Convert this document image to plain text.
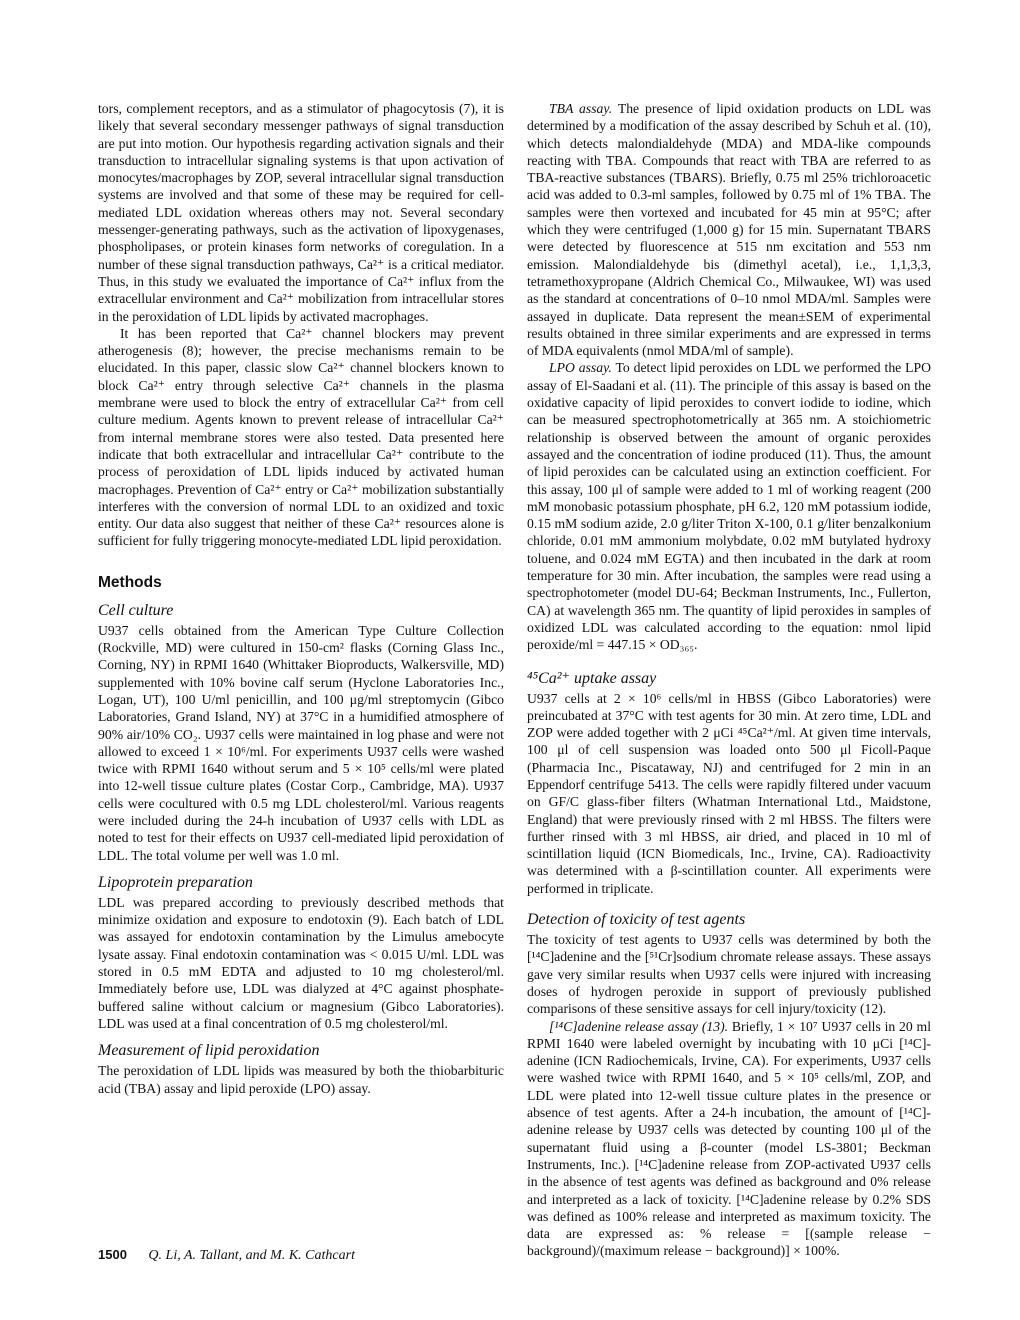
tors, complement receptors, and as a stimulator of phagocytosis (7), it is likely that several secondary messenger pathways of signal transduction are put into motion. Our hypothesis regarding activation signals and their transduction to intracellular signaling systems is that upon activation of monocytes/macrophages by ZOP, several intracellular signal transduction systems are involved and that some of these may be required for cell-mediated LDL oxidation whereas others may not. Several secondary messenger-generating pathways, such as the activation of lipoxygenases, phospholipases, or protein kinases form networks of coregulation. In a number of these signal transduction pathways, Ca²⁺ is a critical mediator. Thus, in this study we evaluated the importance of Ca²⁺ influx from the extracellular environment and Ca²⁺ mobilization from intracellular stores in the peroxidation of LDL lipids by activated macrophages.

It has been reported that Ca²⁺ channel blockers may prevent atherogenesis (8); however, the precise mechanisms remain to be elucidated. In this paper, classic slow Ca²⁺ channel blockers known to block Ca²⁺ entry through selective Ca²⁺ channels in the plasma membrane were used to block the entry of extracellular Ca²⁺ from cell culture medium. Agents known to prevent release of intracellular Ca²⁺ from internal membrane stores were also tested. Data presented here indicate that both extracellular and intracellular Ca²⁺ contribute to the process of peroxidation of LDL lipids induced by activated human macrophages. Prevention of Ca²⁺ entry or Ca²⁺ mobilization substantially interferes with the conversion of normal LDL to an oxidized and toxic entity. Our data also suggest that neither of these Ca²⁺ resources alone is sufficient for fully triggering monocyte-mediated LDL lipid peroxidation.

Methods
Cell culture

U937 cells obtained from the American Type Culture Collection (Rockville, MD) were cultured in 150-cm² flasks (Corning Glass Inc., Corning, NY) in RPMI 1640 (Whittaker Bioproducts, Walkersville, MD) supplemented with 10% bovine calf serum (Hyclone Laboratories Inc., Logan, UT), 100 U/ml penicillin, and 100 μg/ml streptomycin (Gibco Laboratories, Grand Island, NY) at 37°C in a humidified atmosphere of 90% air/10% CO₂. U937 cells were maintained in log phase and were not allowed to exceed 1 × 10⁶/ml. For experiments U937 cells were washed twice with RPMI 1640 without serum and 5 × 10⁵ cells/ml were plated into 12-well tissue culture plates (Costar Corp., Cambridge, MA). U937 cells were cocultured with 0.5 mg LDL cholesterol/ml. Various reagents were included during the 24-h incubation of U937 cells with LDL as noted to test for their effects on U937 cell-mediated lipid peroxidation of LDL. The total volume per well was 1.0 ml.

Lipoprotein preparation

LDL was prepared according to previously described methods that minimize oxidation and exposure to endotoxin (9). Each batch of LDL was assayed for endotoxin contamination by the Limulus amebocyte lysate assay. Final endotoxin contamination was < 0.015 U/ml. LDL was stored in 0.5 mM EDTA and adjusted to 10 mg cholesterol/ml. Immediately before use, LDL was dialyzed at 4°C against phosphate-buffered saline without calcium or magnesium (Gibco Laboratories). LDL was used at a final concentration of 0.5 mg cholesterol/ml.

Measurement of lipid peroxidation

The peroxidation of LDL lipids was measured by both the thiobarbituric acid (TBA) assay and lipid peroxide (LPO) assay.

TBA assay. The presence of lipid oxidation products on LDL was determined by a modification of the assay described by Schuh et al. (10), which detects malondialdehyde (MDA) and MDA-like compounds reacting with TBA. Compounds that react with TBA are referred to as TBA-reactive substances (TBARS). Briefly, 0.75 ml 25% trichloroacetic acid was added to 0.3-ml samples, followed by 0.75 ml of 1% TBA. The samples were then vortexed and incubated for 45 min at 95°C; after which they were centrifuged (1,000 g) for 15 min. Supernatant TBARS were detected by fluorescence at 515 nm excitation and 553 nm emission. Malondialdehyde bis (dimethyl acetal), i.e., 1,1,3,3, tetramethoxypropane (Aldrich Chemical Co., Milwaukee, WI) was used as the standard at concentrations of 0–10 nmol MDA/ml. Samples were assayed in duplicate. Data represent the mean±SEM of experimental results obtained in three similar experiments and are expressed in terms of MDA equivalents (nmol MDA/ml of sample).

LPO assay. To detect lipid peroxides on LDL we performed the LPO assay of El-Saadani et al. (11). The principle of this assay is based on the oxidative capacity of lipid peroxides to convert iodide to iodine, which can be measured spectrophotometrically at 365 nm. A stoichiometric relationship is observed between the amount of organic peroxides assayed and the concentration of iodine produced (11). Thus, the amount of lipid peroxides can be calculated using an extinction coefficient. For this assay, 100 μl of sample were added to 1 ml of working reagent (200 mM monobasic potassium phosphate, pH 6.2, 120 mM potassium iodide, 0.15 mM sodium azide, 2.0 g/liter Triton X-100, 0.1 g/liter benzalkonium chloride, 0.01 mM ammonium molybdate, 0.02 mM butylated hydroxy toluene, and 0.024 mM EGTA) and then incubated in the dark at room temperature for 30 min. After incubation, the samples were read using a spectrophotometer (model DU-64; Beckman Instruments, Inc., Fullerton, CA) at wavelength 365 nm. The quantity of lipid peroxides in samples of oxidized LDL was calculated according to the equation: nmol lipid peroxide/ml = 447.15 × OD₃₆₅.

⁴⁵Ca²⁺ uptake assay

U937 cells at 2 × 10⁶ cells/ml in HBSS (Gibco Laboratories) were preincubated at 37°C with test agents for 30 min. At zero time, LDL and ZOP were added together with 2 μCi ⁴⁵Ca²⁺/ml. At given time intervals, 100 μl of cell suspension was loaded onto 500 μl Ficoll-Paque (Pharmacia Inc., Piscataway, NJ) and centrifuged for 2 min in an Eppendorf centrifuge 5413. The cells were rapidly filtered under vacuum on GF/C glass-fiber filters (Whatman International Ltd., Maidstone, England) that were previously rinsed with 2 ml HBSS. The filters were further rinsed with 3 ml HBSS, air dried, and placed in 10 ml of scintillation liquid (ICN Biomedicals, Inc., Irvine, CA). Radioactivity was determined with a β-scintillation counter. All experiments were performed in triplicate.

Detection of toxicity of test agents

The toxicity of test agents to U937 cells was determined by both the [¹⁴C]adenine and the [⁵¹Cr]sodium chromate release assays. These assays gave very similar results when U937 cells were injured with increasing doses of hydrogen peroxide in support of previously published comparisons of these sensitive assays for cell injury/toxicity (12).

[¹⁴C]adenine release assay (13). Briefly, 1 × 10⁷ U937 cells in 20 ml RPMI 1640 were labeled overnight by incubating with 10 μCi [¹⁴C]-adenine (ICN Radiochemicals, Irvine, CA). For experiments, U937 cells were washed twice with RPMI 1640, and 5 × 10⁵ cells/ml, ZOP, and LDL were plated into 12-well tissue culture plates in the presence or absence of test agents. After a 24-h incubation, the amount of [¹⁴C]-adenine release by U937 cells was detected by counting 100 μl of the supernatant fluid using a β-counter (model LS-3801; Beckman Instruments, Inc.). [¹⁴C]adenine release from ZOP-activated U937 cells in the absence of test agents was defined as background and 0% release and interpreted as a lack of toxicity. [¹⁴C]adenine release by 0.2% SDS was defined as 100% release and interpreted as maximum toxicity. The data are expressed as: % release = [(sample release − background)/(maximum release − background)] × 100%.

1500 Q. Li, A. Tallant, and M. K. Cathcart
